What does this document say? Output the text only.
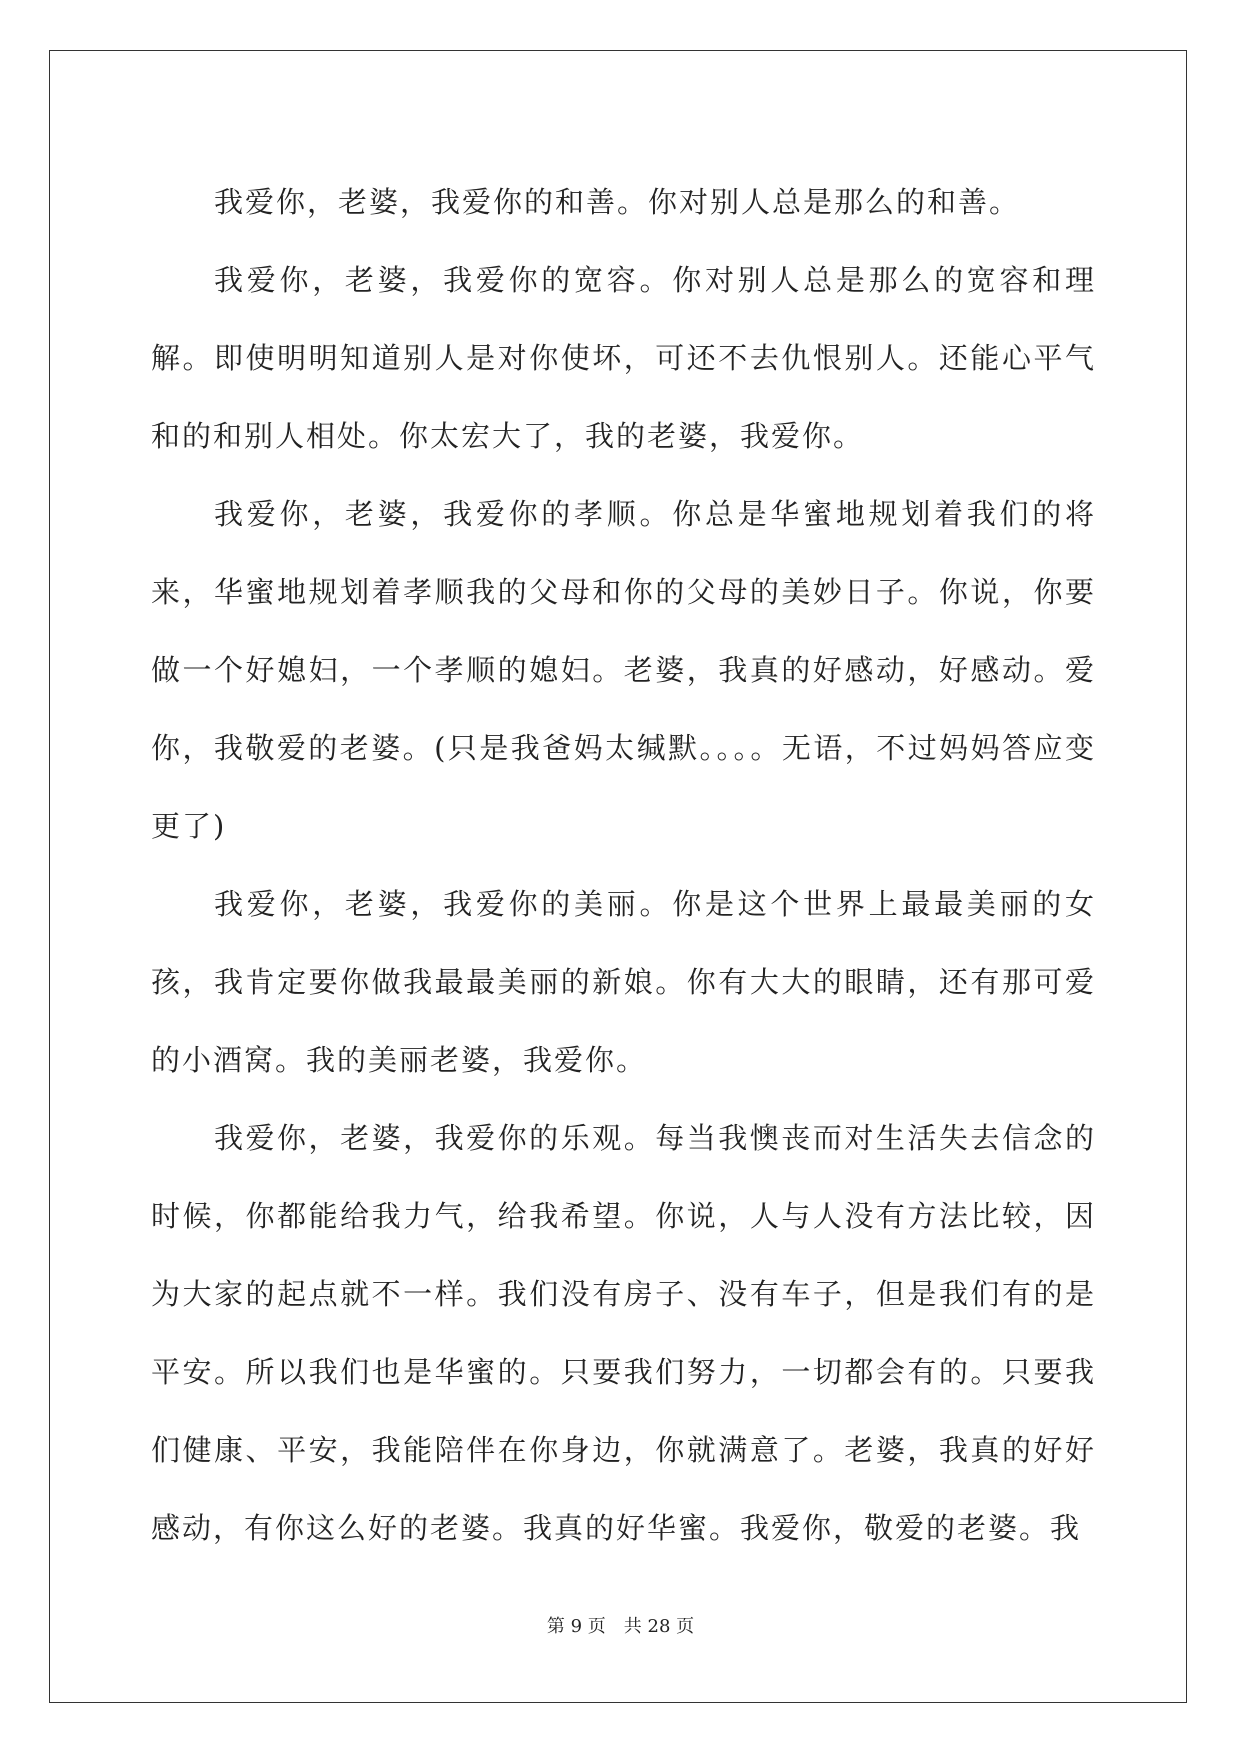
我爱你，老婆，我爱你的和善。你对别人总是那么的和善。

我爱你，老婆，我爱你的宽容。你对别人总是那么的宽容和理解。即使明明知道别人是对你使坏，可还不去仇恨别人。还能心平气和的和别人相处。你太宏大了，我的老婆，我爱你。

我爱你，老婆，我爱你的孝顺。你总是华蜜地规划着我们的将来，华蜜地规划着孝顺我的父母和你的父母的美妙日子。你说，你要做一个好媳妇，一个孝顺的媳妇。老婆，我真的好感动，好感动。爱你，我敬爱的老婆。(只是我爸妈太缄默。。。。无语，不过妈妈答应变更了)

我爱你，老婆，我爱你的美丽。你是这个世界上最最美丽的女孩，我肯定要你做我最最美丽的新娘。你有大大的眼睛，还有那可爱的小酒窝。我的美丽老婆，我爱你。

我爱你，老婆，我爱你的乐观。每当我懊丧而对生活失去信念的时候，你都能给我力气，给我希望。你说，人与人没有方法比较，因为大家的起点就不一样。我们没有房子、没有车子，但是我们有的是平安。所以我们也是华蜜的。只要我们努力，一切都会有的。只要我们健康、平安，我能陪伴在你身边，你就满意了。老婆，我真的好好感动，有你这么好的老婆。我真的好华蜜。我爱你，敬爱的老婆。我

第 9 页　共 28 页
